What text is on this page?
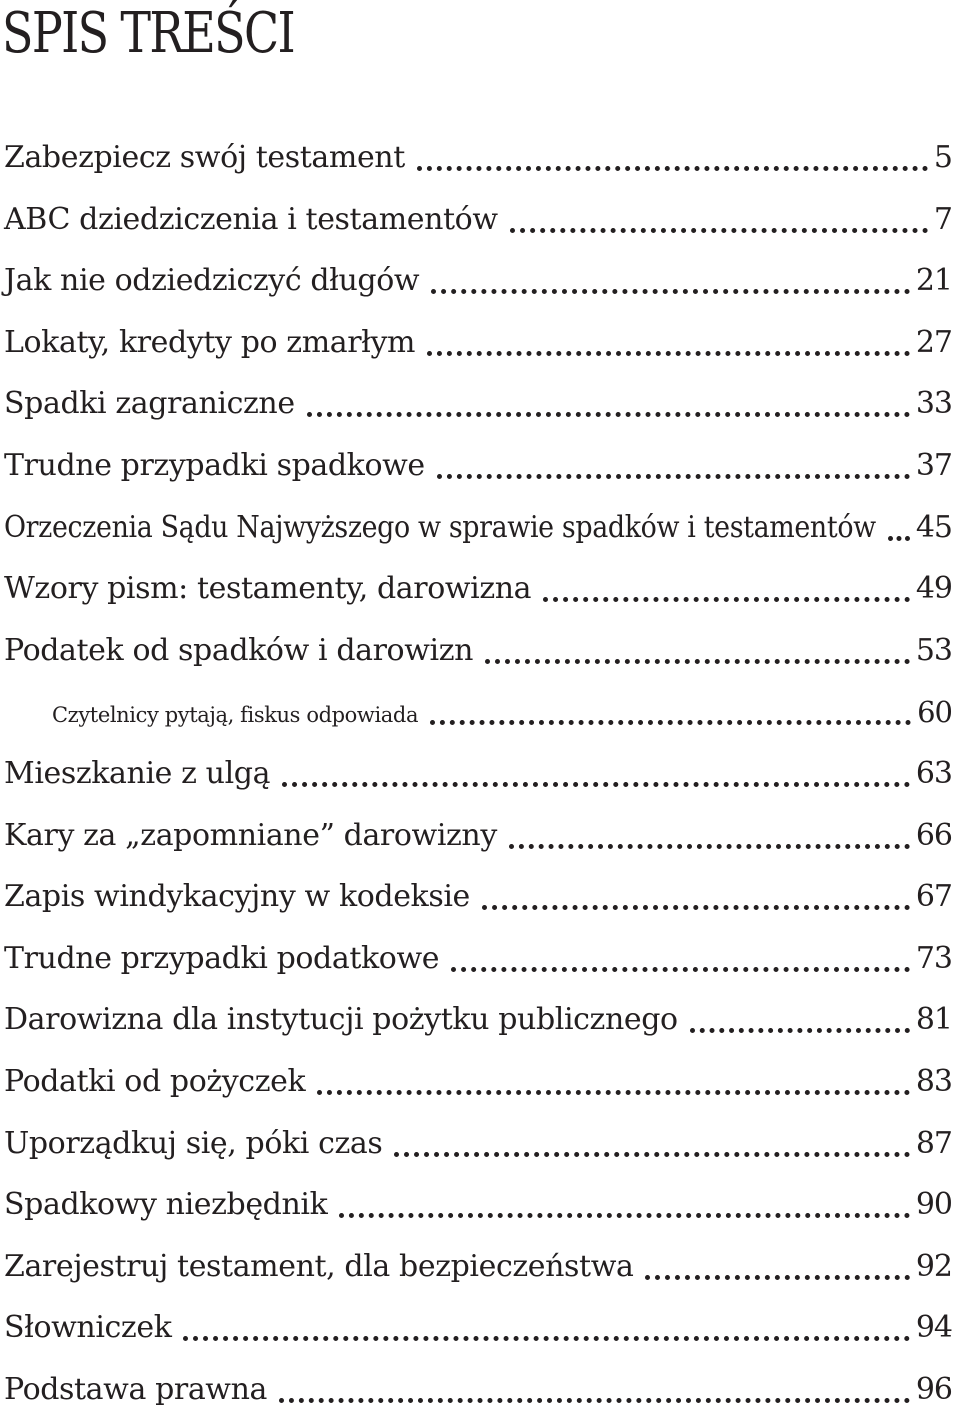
SPIS TREŚCI
Zabezpiecz swój testament	5
ABC dziedziczenia i testamentów	7
Jak nie odziedziczyć długów	21
Lokaty, kredyty po zmarłym	27
Spadki zagraniczne	33
Trudne przypadki spadkowe	37
Orzeczenia Sądu Najwyższego w sprawie spadków i testamentów 45
Wzory pism: testamenty, darowizna	49
Podatek od spadków i darowizn	53
Czytelnicy pytają, fiskus odpowiada	60
Mieszkanie z ulgą	63
Kary za „zapomniane” darowizny	66
Zapis windykacyjny w kodeksie	67
Trudne przypadki podatkowe	73
Darowizna dla instytucji pożytku publicznego	81
Podatki od pożyczek	83
Uporządkuj się, póki czas	87
Spadkowy niezbędnik	90
Zarejestruj testament, dla bezpieczeństwa	92
Słowniczek	94
Podstawa prawna	96
